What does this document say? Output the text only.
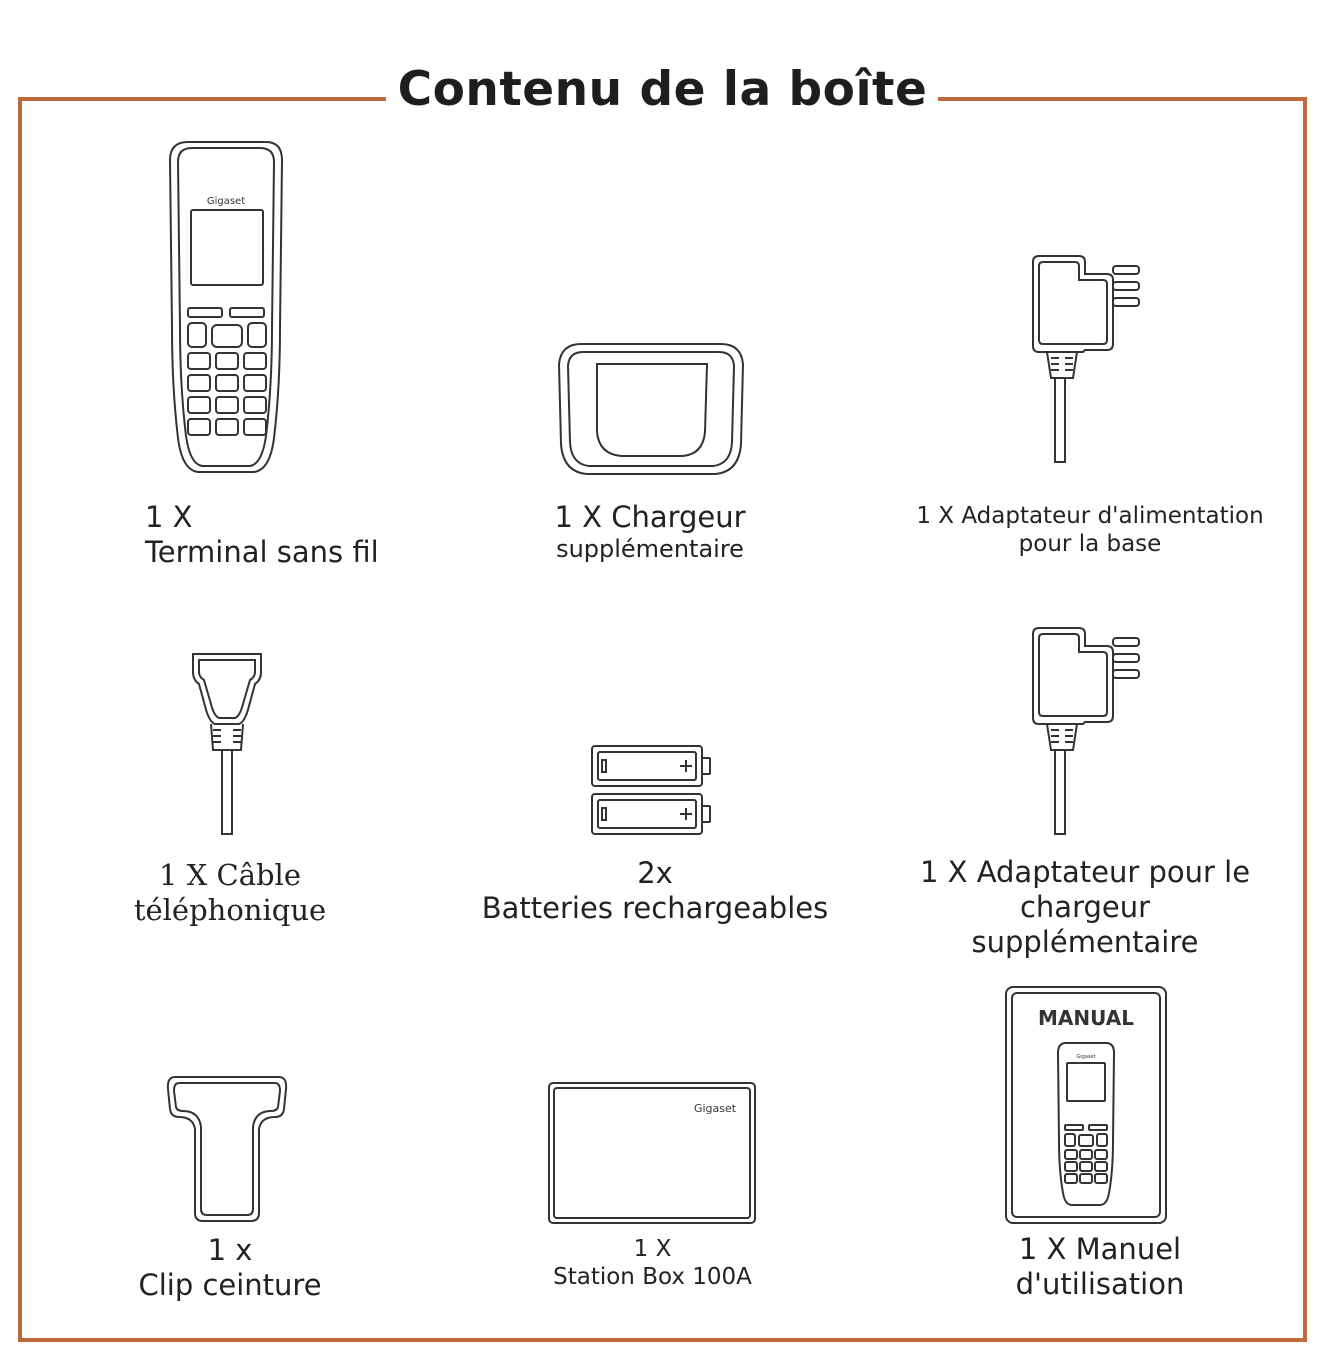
Contenu de la boîte
Gigaset
1 X
Terminal sans fil
1 X Chargeur
supplémentaire
1 X Adaptateur d'alimentation
pour la base
1 X Câble
téléphonique
2x
Batteries rechargeables
1 X Adaptateur pour le
chargeur
supplémentaire
1 x
Clip ceinture
Gigaset
1 X
Station Box 100A
MANUAL
Gigaset
1 X Manuel
d'utilisation
